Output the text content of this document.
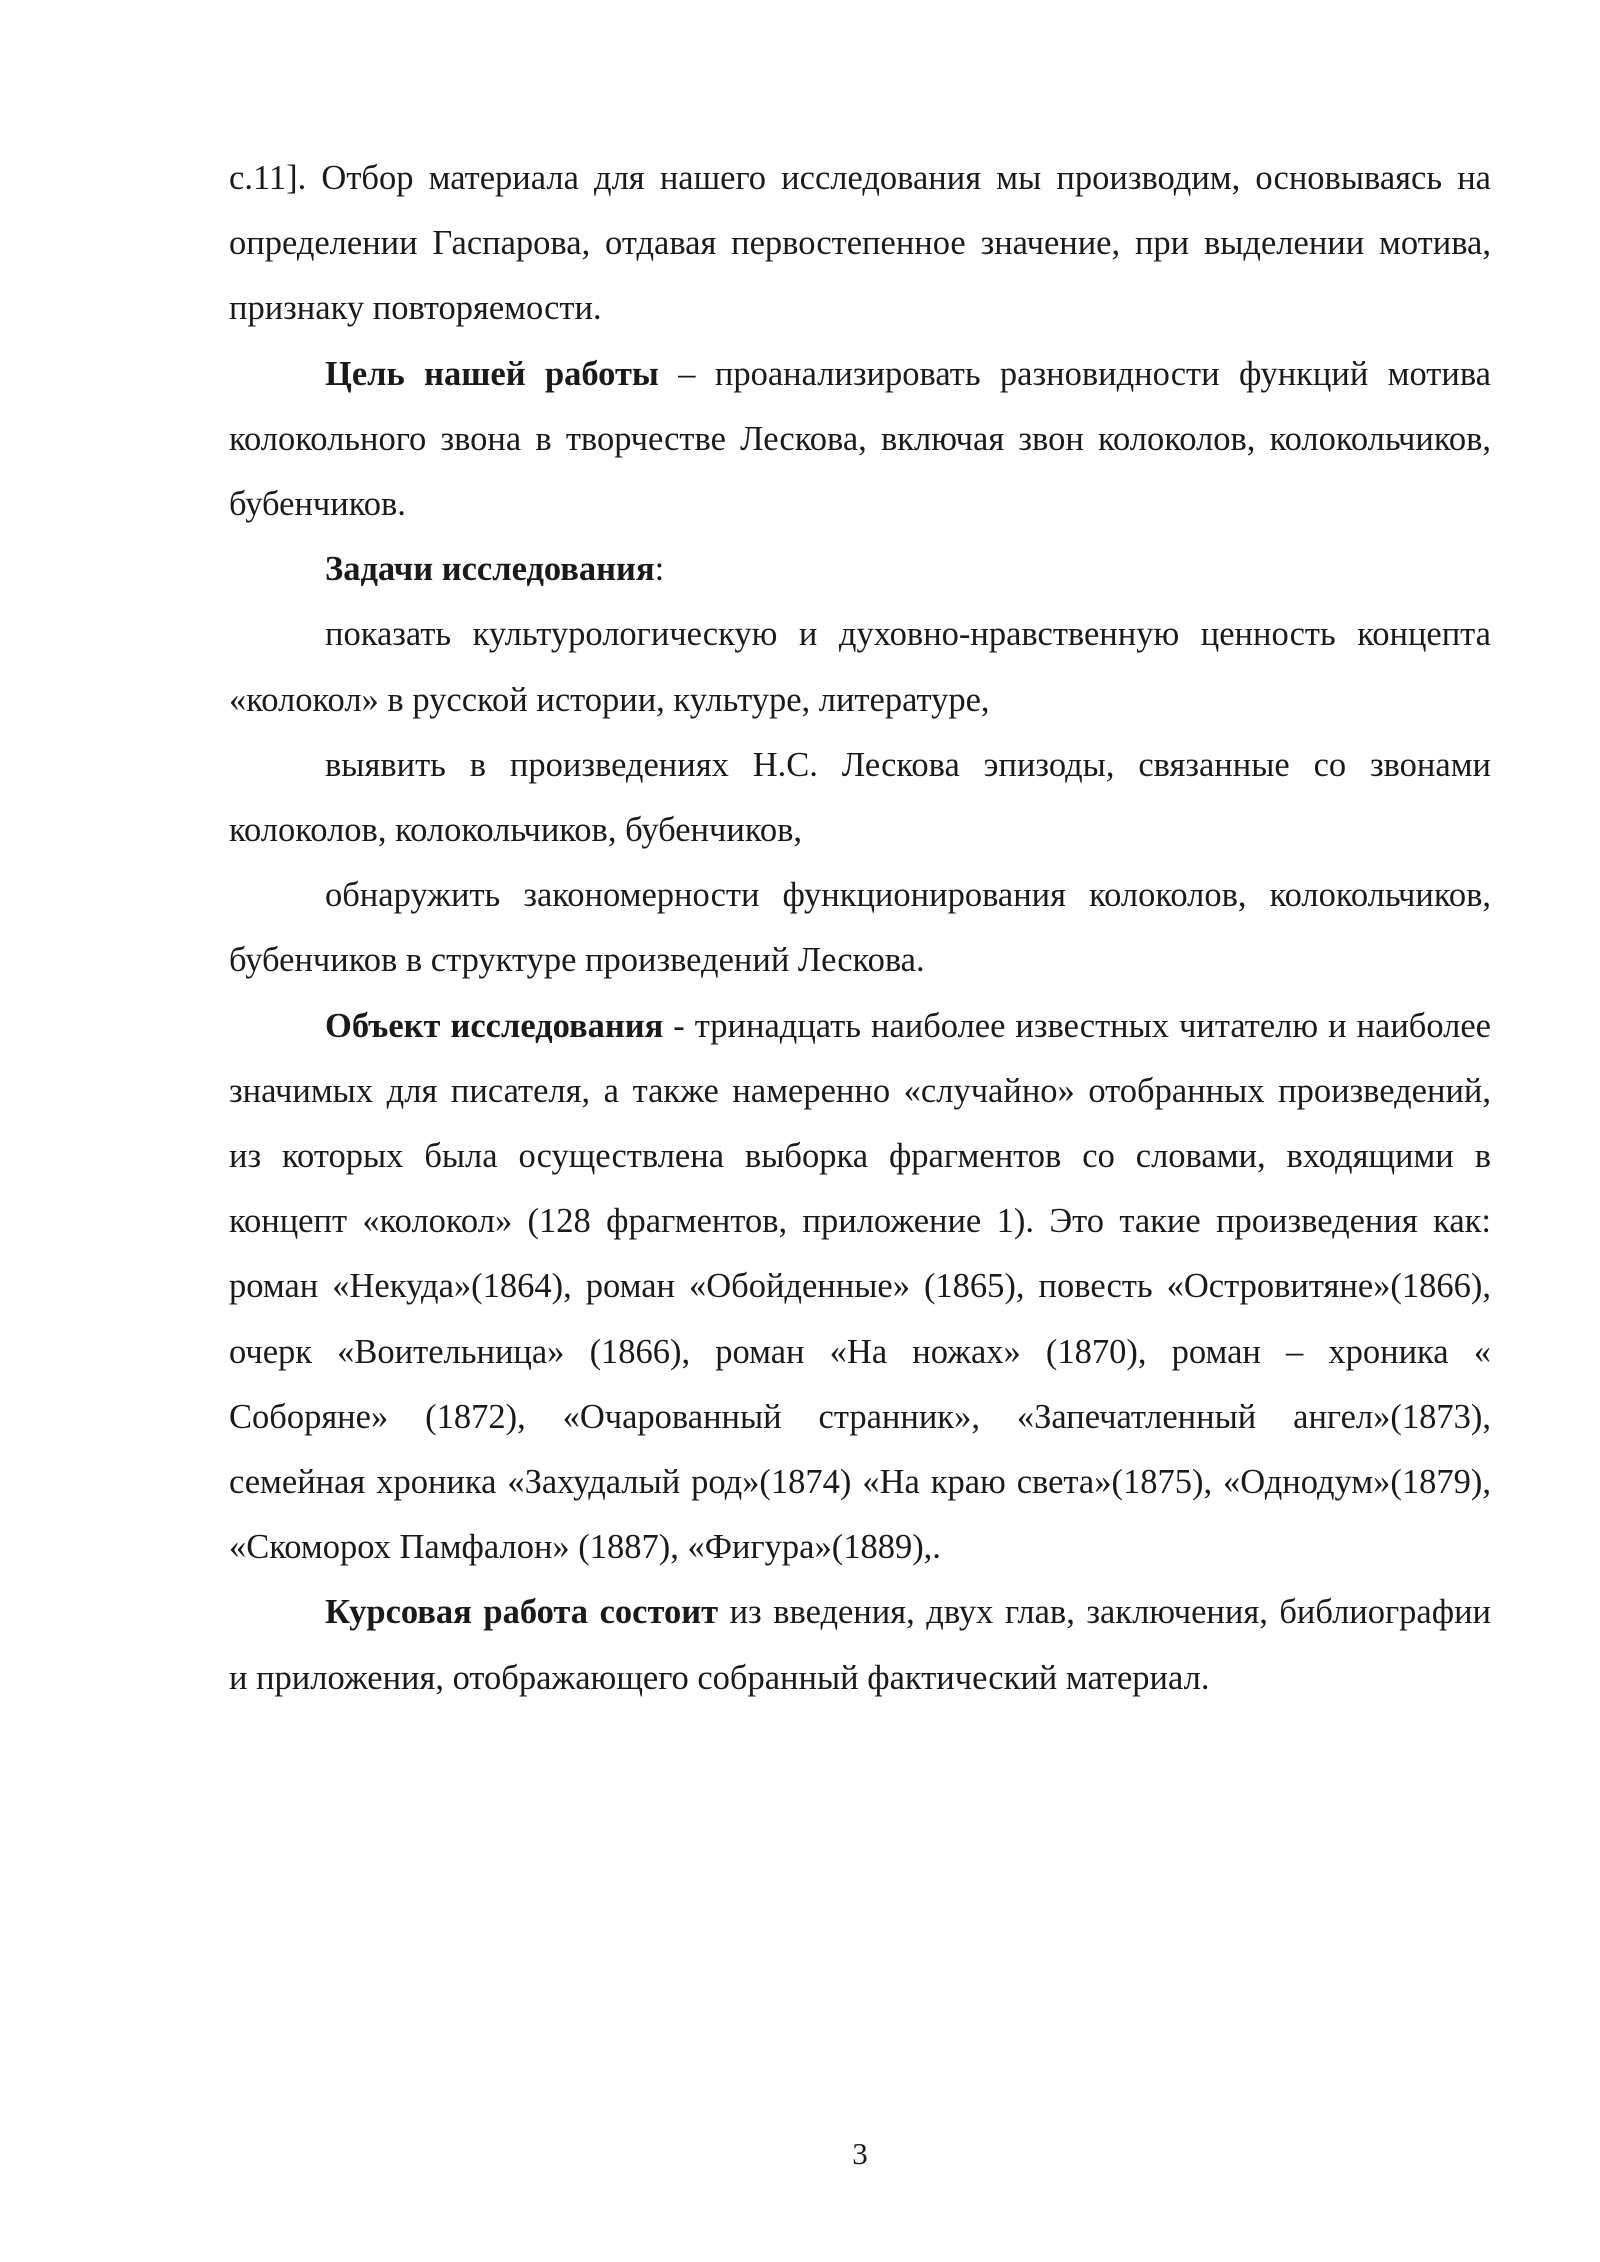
с.11]. Отбор материала для нашего исследования мы производим, основываясь на определении Гаспарова, отдавая первостепенное значение, при выделении мотива, признаку повторяемости.

Цель нашей работы – проанализировать разновидности функций мотива колокольного звона в творчестве Лескова, включая звон колоколов, колокольчиков, бубенчиков.

Задачи исследования:

показать культурологическую и духовно-нравственную ценность концепта «колокол» в русской истории, культуре, литературе,

выявить в произведениях Н.С. Лескова эпизоды, связанные со звонами колоколов, колокольчиков, бубенчиков,

обнаружить закономерности функционирования колоколов, колокольчиков, бубенчиков в структуре произведений Лескова.

Объект исследования - тринадцать наиболее известных читателю и наиболее значимых для писателя, а также намеренно «случайно» отобранных произведений, из которых была осуществлена выборка фрагментов со словами, входящими в концепт «колокол» (128 фрагментов, приложение 1). Это такие произведения как: роман «Некуда»(1864), роман «Обойденные» (1865), повесть «Островитяне»(1866), очерк «Воительница» (1866), роман «На ножах» (1870), роман – хроника « Соборяне» (1872), «Очарованный странник», «Запечатленный ангел»(1873), семейная хроника «Захудалый род»(1874) «На краю света»(1875), «Однодум»(1879), «Скоморох Памфалон» (1887), «Фигура»(1889),.

Курсовая работа состоит из введения, двух глав, заключения, библиографии и приложения, отображающего собранный фактический материал.

3
